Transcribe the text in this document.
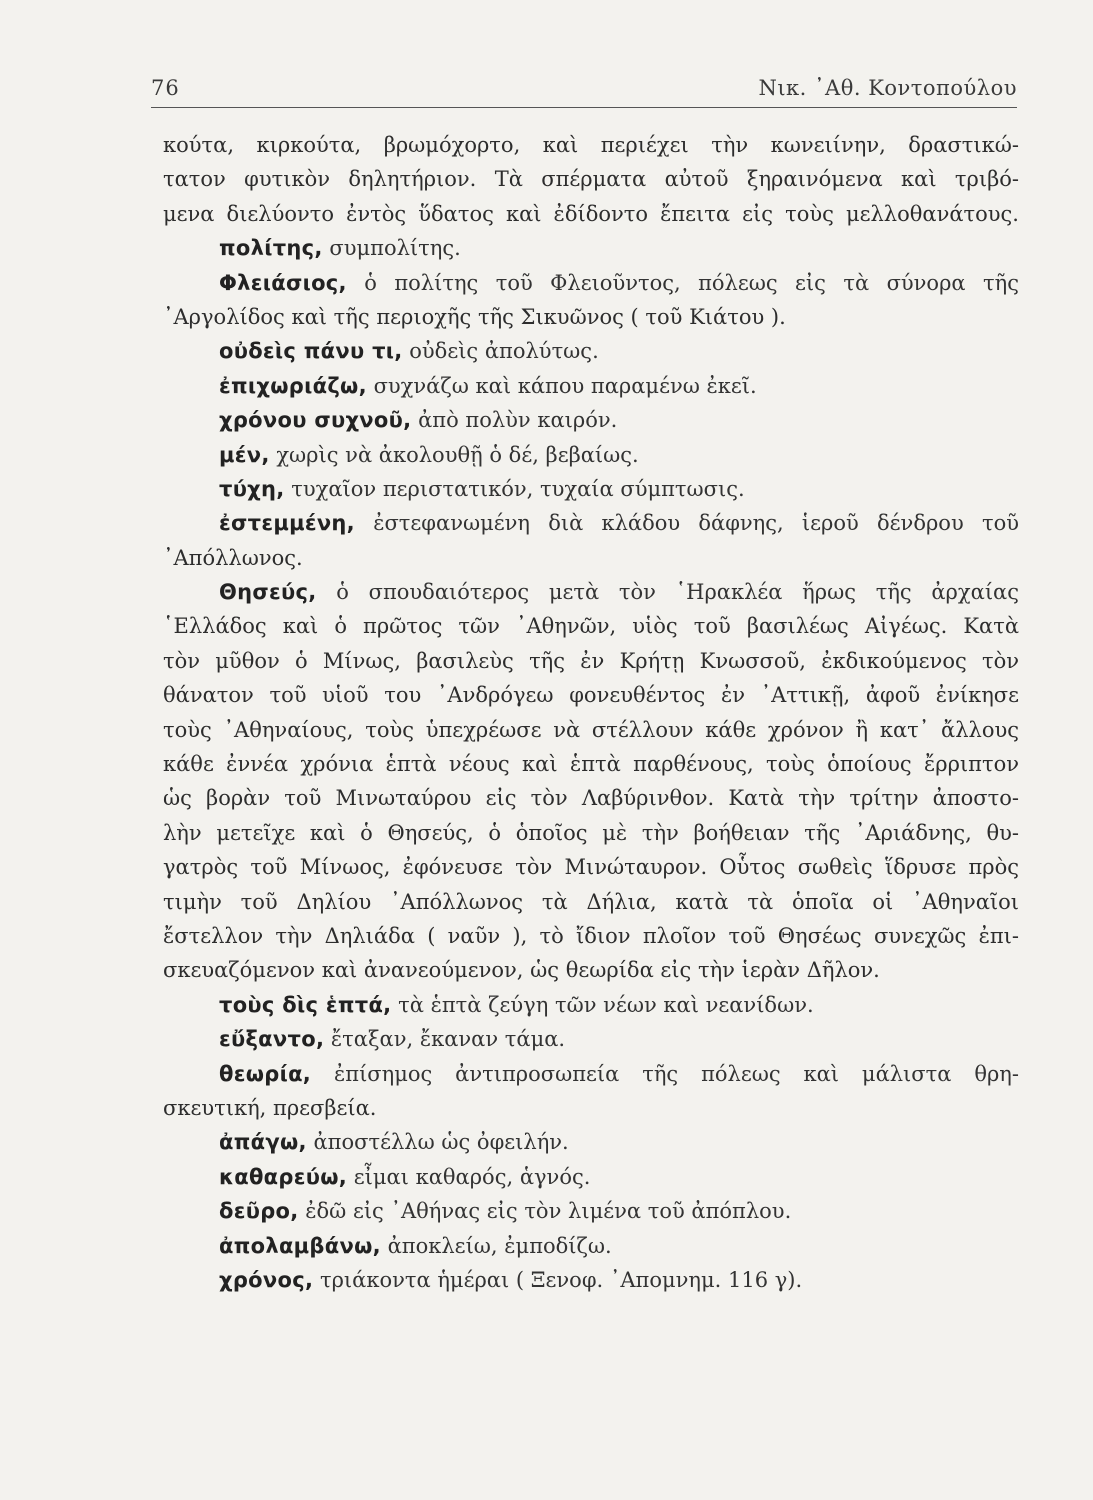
76	Νικ. ᾿Αθ. Κοντοπούλου
κούτα, κιρκούτα, βρωμόχορτο, καὶ περιέχει τὴν κωνειίνην, δραστικώ-
τατον φυτικὸν δηλητήριον. Τὰ σπέρματα αὐτοῦ ξηραινόμενα καὶ τριβό-
μενα διελύοντο ἐντὸς ὕδατος καὶ ἐδίδοντο ἔπειτα εἰς τοὺς μελλοθανάτους.
πολίτης, συμπολίτης.
Φλειάσιος, ὁ πολίτης τοῦ Φλειοῦντος, πόλεως εἰς τὰ σύνορα τῆς
᾿Αργολίδος καὶ τῆς περιοχῆς τῆς Σικυῶνος ( τοῦ Κιάτου ).
οὐδεὶς πάνυ τι, οὐδεὶς ἀπολύτως.
ἐπιχωριάζω, συχνάζω καὶ κάπου παραμένω ἐκεῖ.
χρόνου συχνοῦ, ἀπὸ πολὺν καιρόν.
μέν, χωρὶς νὰ ἀκολουθῇ ὁ δέ, βεβαίως.
τύχη, τυχαῖον περιστατικόν, τυχαία σύμπτωσις.
ἐστεμμένη, ἐστεφανωμένη διὰ κλάδου δάφνης, ἱεροῦ δένδρου τοῦ
᾿Απόλλωνος.
Θησεύς, ὁ σπουδαιότερος μετὰ τὸν ῾Ηρακλέα ἥρως τῆς ἀρχαίας
῾Ελλάδος καὶ ὁ πρῶτος τῶν ᾿Αθηνῶν, υἱὸς τοῦ βασιλέως Αἰγέως. Κατὰ
τὸν μῦθον ὁ Μίνως, βασιλεὺς τῆς ἐν Κρήτῃ Κνωσσοῦ, ἐκδικούμενος τὸν
θάνατον τοῦ υἱοῦ του ᾿Ανδρόγεω φονευθέντος ἐν ᾿Αττικῇ, ἀφοῦ ἐνίκησε
τοὺς ᾿Αθηναίους, τοὺς ὑπεχρέωσε νὰ στέλλουν κάθε χρόνον ἢ κατ᾿ ἄλλους
κάθε ἐννέα χρόνια ἑπτὰ νέους καὶ ἑπτὰ παρθένους, τοὺς ὁποίους ἔρριπτον
ὡς βορὰν τοῦ Μινωταύρου εἰς τὸν Λαβύρινθον. Κατὰ τὴν τρίτην ἀποστο-
λὴν μετεῖχε καὶ ὁ Θησεύς, ὁ ὁποῖος μὲ τὴν βοήθειαν τῆς ᾿Αριάδνης, θυ-
γατρὸς τοῦ Μίνωος, ἐφόνευσε τὸν Μινώταυρον. Οὗτος σωθεὶς ἵδρυσε πρὸς
τιμὴν τοῦ Δηλίου ᾿Απόλλωνος τὰ Δήλια, κατὰ τὰ ὁποῖα οἱ ᾿Αθηναῖοι
ἔστελλον τὴν Δηλιάδα ( ναῦν ), τὸ ἴδιον πλοῖον τοῦ Θησέως συνεχῶς ἐπι-
σκευαζόμενον καὶ ἀνανεούμενον, ὡς θεωρίδα εἰς τὴν ἱερὰν Δῆλον.
τοὺς δὶς ἑπτά, τὰ ἑπτὰ ζεύγη τῶν νέων καὶ νεανίδων.
εὔξαντο, ἔταξαν, ἔκαναν τάμα.
θεωρία, ἐπίσημος ἀντιπροσωπεία τῆς πόλεως καὶ μάλιστα θρη-
σκευτική, πρεσβεία.
ἀπάγω, ἀποστέλλω ὡς ὀφειλήν.
καθαρεύω, εἶμαι καθαρός, ἁγνός.
δεῦρο, ἐδῶ εἰς ᾿Αθήνας εἰς τὸν λιμένα τοῦ ἀπόπλου.
ἀπολαμβάνω, ἀποκλείω, ἐμποδίζω.
χρόνος, τριάκοντα ἡμέραι ( Ξενοφ. ᾿Απομνημ. 116 γ).
